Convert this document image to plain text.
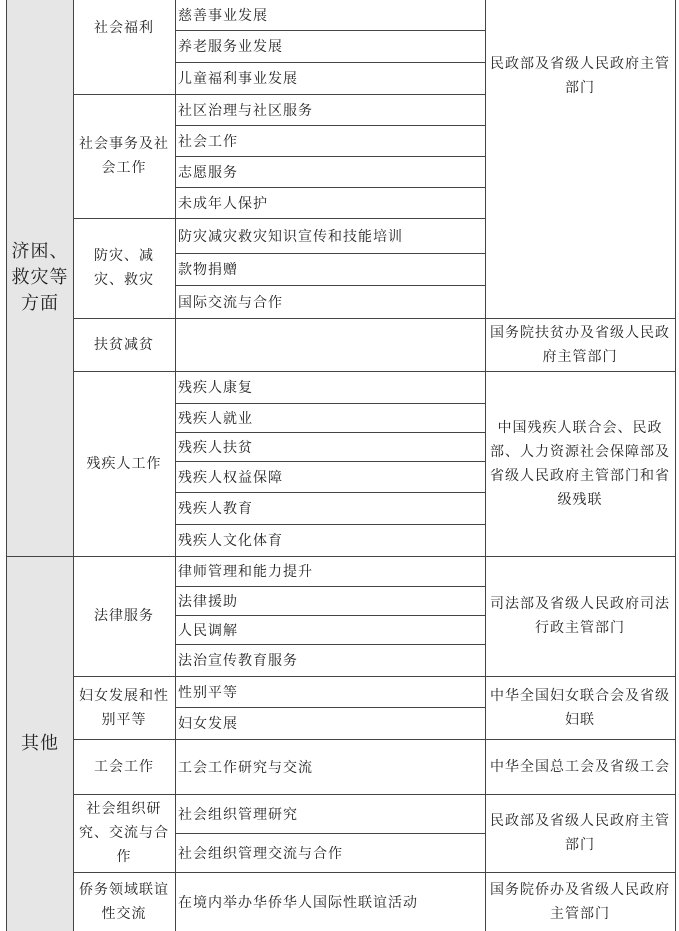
济困、救灾等方面
其他
社会福利
社会事务及社会工作
防灾、减灾、救灾
扶贫减贫
残疾人工作
法律服务
妇女发展和性别平等
工会工作
社会组织研究、交流与合作
侨务领域联谊性交流
慈善事业发展
养老服务业发展
儿童福利事业发展
社区治理与社区服务
社会工作
志愿服务
未成年人保护
防灾减灾救灾知识宣传和技能培训
款物捐赠
国际交流与合作
残疾人康复
残疾人就业
残疾人扶贫
残疾人权益保障
残疾人教育
残疾人文化体育
律师管理和能力提升
法律援助
人民调解
法治宣传教育服务
性别平等
妇女发展
工会工作研究与交流
社会组织管理研究
社会组织管理交流与合作
在境内举办华侨华人国际性联谊活动
民政部及省级人民政府主管部门
国务院扶贫办及省级人民政府主管部门
中国残疾人联合会、民政部、人力资源社会保障部及省级人民政府主管部门和省级残联
司法部及省级人民政府司法行政主管部门
中华全国妇女联合会及省级妇联
中华全国总工会及省级工会
民政部及省级人民政府主管部门
国务院侨办及省级人民政府主管部门
